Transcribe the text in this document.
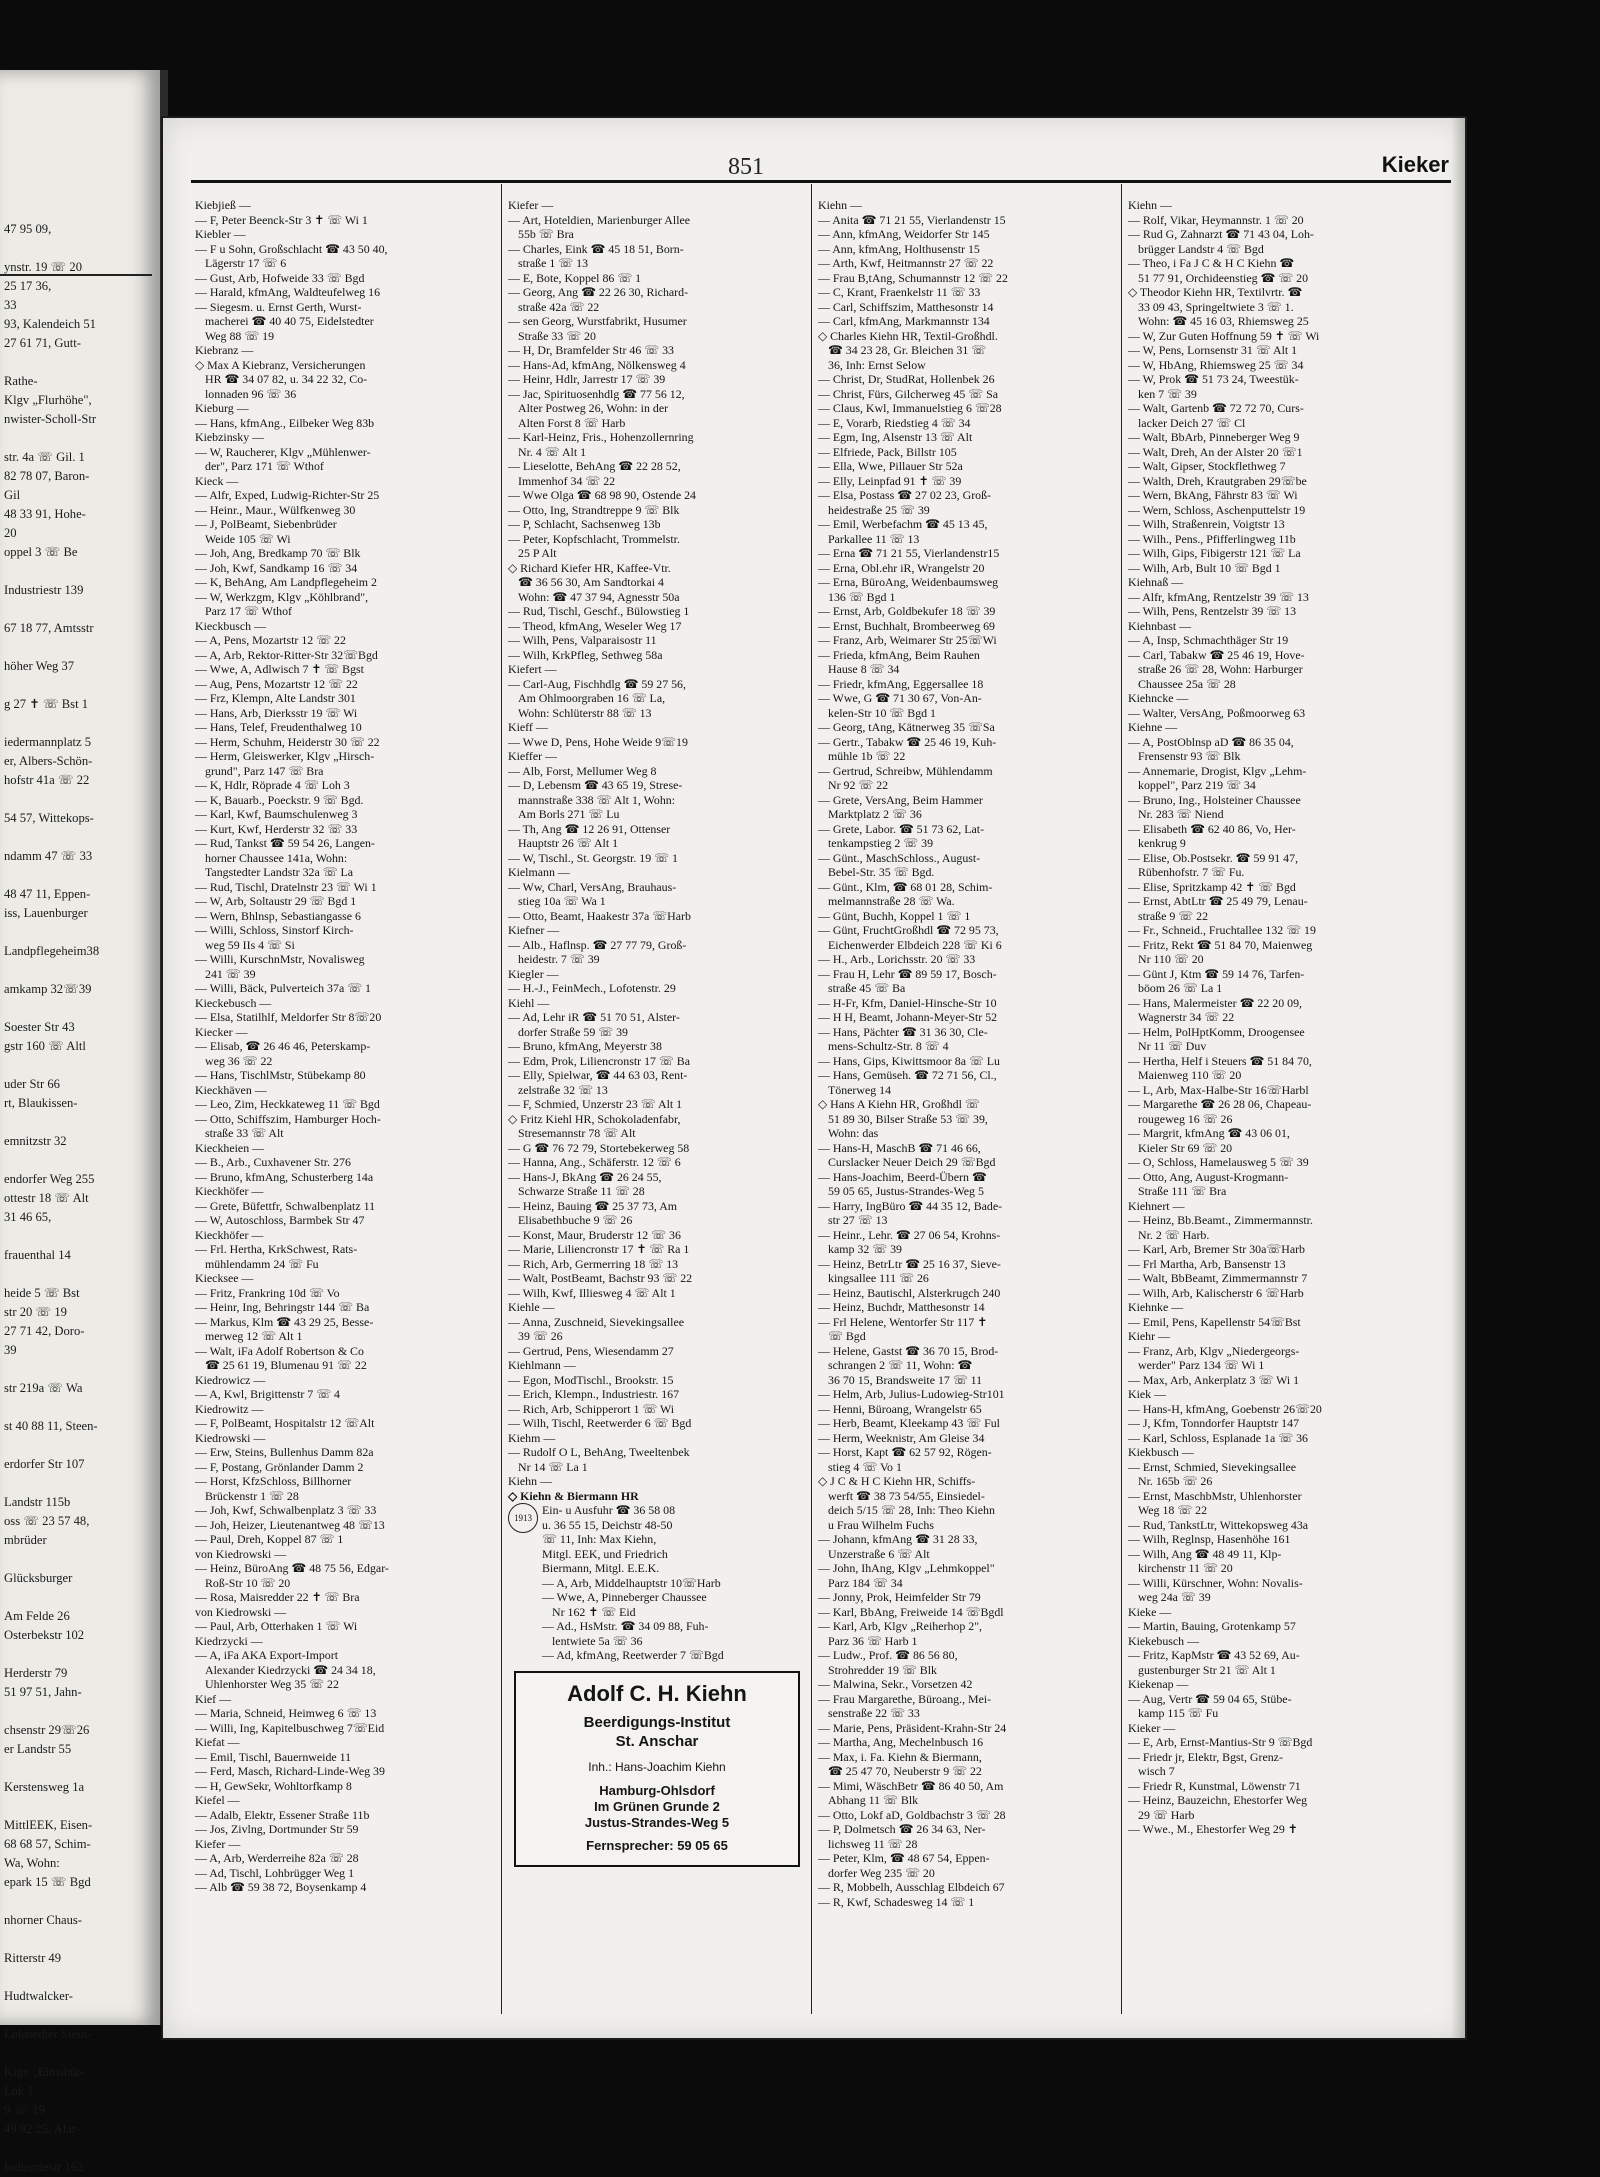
47 95 09,

ynstr. 19 ☏ 20
25 17 36,
33
93, Kalendeich 51
27 61 71, Gutt-

Rathe-
Klgv „Flurhöhe",
nwister-Scholl-Str

str. 4a ☏ Gil. 1
82 78 07, Baron-
Gil
48 33 91, Hohe-
20
oppel 3 ☏ Be

Industriestr 139

67 18 77, Amtsstr

höher Weg 37

g 27 ✝ ☏ Bst 1

iedermannplatz 5
er, Albers-Schön-
hofstr 41a ☏ 22

54 57, Wittekops-

ndamm 47 ☏ 33

48 47 11, Eppen-
iss, Lauenburger

Landpflegeheim38

amkamp 32☏39

Soester Str 43
gstr 160 ☏ Altl

uder Str 66
rt, Blaukissen-

emnitzstr 32

endorfer Weg 255
ottestr 18 ☏ Alt
31 46 65,

frauenthal 14

heide 5 ☏ Bst
str 20 ☏ 19
27 71 42, Doro-
39

str 219a ☏ Wa

st 40 88 11, Steen-

erdorfer Str 107

Landstr 115b
oss ☏ 23 57 48,
mbrüder

Glücksburger

Am Felde 26
Osterbekstr 102

Herderstr 79
51 97 51, Jahn-

chsenstr 29☏26
er Landstr 55

Kerstensweg 1a

MittlEEK, Eisen-
68 68 57, Schim-
Wa, Wohn:
epark 15 ☏ Bgd

nhorner Chaus-

Ritterstr 49

Hudtwalcker-

Lokstedter Stein-

Klgv „Eimsbüt-
Lok 1
9 ☏ 19
49 92 25, Alar-

Industriestr 162
851	Kieker
Kiebjieß —
— F, Peter Beenck-Str 3 ✝ ☏ Wi 1
Kiebler —
— F u Sohn, Großschlacht ☎ 43 50 40,
Lägerstr 17 ☏ 6
— Gust, Arb, Hofweide 33 ☏ Bgd
— Harald, kfmAng, Waldteufelweg 16
— Siegesm. u. Ernst Gerth, Wurst-
macherei ☎ 40 40 75, Eidelstedter
Weg 88 ☏ 19
Kiebranz —
◇ Max A Kiebranz, Versicherungen
HR ☎ 34 07 82, u. 34 22 32, Co-
lonnaden 96 ☏ 36
Kieburg —
— Hans, kfmAng., Eilbeker Weg 83b
Kiebzinsky —
— W, Raucherer, Klgv „Mühlenwer-
der", Parz 171 ☏ Wthof
Kieck —
— Alfr, Exped, Ludwig-Richter-Str 25
— Heinr., Maur., Wülfkenweg 30
— J, PolBeamt, Siebenbrüder
Weide 105 ☏ Wi
— Joh, Ang, Bredkamp 70 ☏ Blk
— Joh, Kwf, Sandkamp 16 ☏ 34
— K, BehAng, Am Landpflegeheim 2
— W, Werkzgm, Klgv „Köhlbrand",
Parz 17 ☏ Wthof
Kieckbusch —
— A, Pens, Mozartstr 12 ☏ 22
— A, Arb, Rektor-Ritter-Str 32☏Bgd
— Wwe, A, Adlwisch 7 ✝ ☏ Bgst
— Aug, Pens, Mozartstr 12 ☏ 22
— Frz, Klempn, Alte Landstr 301
— Hans, Arb, Dierksstr 19 ☏ Wi
— Hans, Telef, Freudenthalweg 10
— Herm, Schuhm, Heiderstr 30 ☏ 22
— Herm, Gleiswerker, Klgv „Hirsch-
grund", Parz 147 ☏ Bra
— K, Hdlr, Röprade 4 ☏ Loh 3
— K, Bauarb., Poeckstr. 9 ☏ Bgd.
— Karl, Kwf, Baumschulenweg 3
— Kurt, Kwf, Herderstr 32 ☏ 33
— Rud, Tankst ☎ 59 54 26, Langen-
horner Chaussee 141a, Wohn:
Tangstedter Landstr 32a ☏ La
— Rud, Tischl, Dratelnstr 23 ☏ Wi 1
— W, Arb, Soltaustr 29 ☏ Bgd 1
— Wern, Bhlnsp, Sebastiangasse 6
— Willi, Schloss, Sinstorf Kirch-
weg 59 IIs 4 ☏ Si
— Willi, KurschnMstr, Novalisweg
241 ☏ 39
— Willi, Bäck, Pulverteich 37a ☏ 1
Kieckebusch —
— Elsa, Statilhlf, Meldorfer Str 8☏20
Kiecker —
— Elisab, ☎ 26 46 46, Peterskamp-
weg 36 ☏ 22
— Hans, TischlMstr, Stübekamp 80
Kieckhäven —
— Leo, Zim, Heckkateweg 11 ☏ Bgd
— Otto, Schiffszim, Hamburger Hoch-
straße 33 ☏ Alt
Kieckheien —
— B., Arb., Cuxhavener Str. 276
— Bruno, kfmAng, Schusterberg 14a
Kieckhöfer —
— Grete, Büfettfr, Schwalbenplatz 11
— W, Autoschloss, Barmbek Str 47
Kieckhöfer —
— Frl. Hertha, KrkSchwest, Rats-
mühlendamm 24 ☏ Fu
Kiecksee —
— Fritz, Frankring 10d ☏ Vo
— Heinr, Ing, Behringstr 144 ☏ Ba
— Markus, Klm ☎ 43 29 25, Besse-
merweg 12 ☏ Alt 1
— Walt, iFa Adolf Robertson & Co
☎ 25 61 19, Blumenau 91 ☏ 22
Kiedrowicz —
— A, Kwl, Brigittenstr 7 ☏ 4
Kiedrowitz —
— F, PolBeamt, Hospitalstr 12 ☏Alt
Kiedrowski —
— Erw, Steins, Bullenhus Damm 82a
— F, Postang, Grönlander Damm 2
— Horst, KfzSchloss, Billhorner
Brückenstr 1 ☏ 28
— Joh, Kwf, Schwalbenplatz 3 ☏ 33
— Joh, Heizer, Lieutenantweg 48 ☏13
— Paul, Dreh, Koppel 87 ☏ 1
von Kiedrowski —
— Heinz, BüroAng ☎ 48 75 56, Edgar-
Roß-Str 10 ☏ 20
— Rosa, Maisredder 22 ✝ ☏ Bra
von Kiedrowski —
— Paul, Arb, Otterhaken 1 ☏ Wi
Kiedrzycki —
— A, iFa AKA Export-Import
Alexander Kiedrzycki ☎ 24 34 18,
Uhlenhorster Weg 35 ☏ 22
Kief —
— Maria, Schneid, Heimweg 6 ☏ 13
— Willi, Ing, Kapitelbuschweg 7☏Eid
Kiefat —
— Emil, Tischl, Bauernweide 11
— Ferd, Masch, Richard-Linde-Weg 39
— H, GewSekr, Wohltorfkamp 8
Kiefel —
— Adalb, Elektr, Essener Straße 11b
— Jos, Zivlng, Dortmunder Str 59
Kiefer —
— A, Arb, Werderreihe 82a ☏ 28
— Ad, Tischl, Lohbrügger Weg 1
— Alb ☎ 59 38 72, Boysenkamp 4
Kiefer —
— Art, Hoteldien, Marienburger Allee
55b ☏ Bra
— Charles, Eink ☎ 45 18 51, Born-
straße 1 ☏ 13
— E, Bote, Koppel 86 ☏ 1
— Georg, Ang ☎ 22 26 30, Richard-
straße 42a ☏ 22
— sen Georg, Wurstfabrikt, Husumer
Straße 33 ☏ 20
— H, Dr, Bramfelder Str 46 ☏ 33
— Hans-Ad, kfmAng, Nölkensweg 4
— Heinr, Hdlr, Jarrestr 17 ☏ 39
— Jac, Spirituosenhdlg ☎ 77 56 12,
Alter Postweg 26, Wohn: in der
Alten Forst 8 ☏ Harb
— Karl-Heinz, Fris., Hohenzollernring
Nr. 4 ☏ Alt 1
— Lieselotte, BehAng ☎ 22 28 52,
Immenhof 34 ☏ 22
— Wwe Olga ☎ 68 98 90, Ostende 24
— Otto, Ing, Strandtreppe 9 ☏ Blk
— P, Schlacht, Sachsenweg 13b
— Peter, Kopfschlacht, Trommelstr.
25 P Alt
◇ Richard Kiefer HR, Kaffee-Vtr.
☎ 36 56 30, Am Sandtorkai 4
Wohn: ☎ 47 37 94, Agnesstr 50a
— Rud, Tischl, Geschf., Bülowstieg 1
— Theod, kfmAng, Weseler Weg 17
— Wilh, Pens, Valparaisostr 11
— Wilh, KrkPfleg, Sethweg 58a
Kiefert —
— Carl-Aug, Fischhdlg ☎ 59 27 56,
Am Ohlmoorgraben 16 ☏ La,
Wohn: Schlüterstr 88 ☏ 13
Kieff —
— Wwe D, Pens, Hohe Weide 9☏19
Kieffer —
— Alb, Forst, Mellumer Weg 8
— D, Lebensm ☎ 43 65 19, Strese-
mannstraße 338 ☏ Alt 1, Wohn:
Am Borls 271 ☏ Lu
— Th, Ang ☎ 12 26 91, Ottenser
Hauptstr 26 ☏ Alt 1
— W, Tischl., St. Georgstr. 19 ☏ 1
Kielmann —
— Ww, Charl, VersAng, Brauhaus-
stieg 10a ☏ Wa 1
— Otto, Beamt, Haakestr 37a ☏Harb
Kiefner —
— Alb., Haflnsp. ☎ 27 77 79, Groß-
heidestr. 7 ☏ 39
Kiegler —
— H.-J., FeinMech., Lofotenstr. 29
Kiehl —
— Ad, Lehr iR ☎ 51 70 51, Alster-
dorfer Straße 59 ☏ 39
— Bruno, kfmAng, Meyerstr 38
— Edm, Prok, Liliencronstr 17 ☏ Ba
— Elly, Spielwar, ☎ 44 63 03, Rent-
zelstraße 32 ☏ 13
— F, Schmied, Unzerstr 23 ☏ Alt 1
◇ Fritz Kiehl HR, Schokoladenfabr,
Stresemannstr 78 ☏ Alt
— G ☎ 76 72 79, Stortebekerweg 58
— Hanna, Ang., Schäferstr. 12 ☏ 6
— Hans-J, BkAng ☎ 26 24 55,
Schwarze Straße 11 ☏ 28
— Heinz, Bauing ☎ 25 37 73, Am
Elisabethbuche 9 ☏ 26
— Konst, Maur, Bruderstr 12 ☏ 36
— Marie, Liliencronstr 17 ✝ ☏ Ra 1
— Rich, Arb, Germerring 18 ☏ 13
— Walt, PostBeamt, Bachstr 93 ☏ 22
— Wilh, Kwf, Illiesweg 4 ☏ Alt 1
Kiehle —
— Anna, Zuschneid, Sievekingsallee
39 ☏ 26
— Gertrud, Pens, Wiesendamm 27
Kiehlmann —
— Egon, ModTischl., Brookstr. 15
— Erich, Klempn., Industriestr. 167
— Rich, Arb, Schipperort 1 ☏ Wi
— Wilh, Tischl, Reetwerder 6 ☏ Bgd
Kiehm —
— Rudolf O L, BehAng, Tweeltenbek
Nr 14 ☏ La 1
Kiehn —
◇ Kiehn & Biermann HR
1913
Ein- u Ausfuhr ☎ 36 58 08
u. 36 55 15, Deichstr 48-50
☏ 11, Inh: Max Kiehn,
Mitgl. EEK, und Friedrich
Biermann, Mitgl. E.E.K.
— A, Arb, Middelhauptstr 10☏Harb
— Wwe, A, Pinneberger Chaussee
Nr 162 ✝ ☏ Eid
— Ad., HsMstr. ☎ 34 09 88, Fuh-
lentwiete 5a ☏ 36
— Ad, kfmAng, Reetwerder 7 ☏Bgd
Adolf C. H. Kiehn
Beerdigungs-Institut
St. Anschar
Inh.: Hans-Joachim Kiehn
Hamburg-Ohlsdorf
Im Grünen Grunde 2
Justus-Strandes-Weg 5
Fernsprecher: 59 05 65
Kiehn —
— Anita ☎ 71 21 55, Vierlandenstr 15
— Ann, kfmAng, Weidorfer Str 145
— Ann, kfmAng, Holthusenstr 15
— Arth, Kwf, Heitmannstr 27 ☏ 22
— Frau B,tAng, Schumannstr 12 ☏ 22
— C, Krant, Fraenkelstr 11 ☏ 33
— Carl, Schiffszim, Matthesonstr 14
— Carl, kfmAng, Markmannstr 134
◇ Charles Kiehn HR, Textil-Großhdl.
☎ 34 23 28, Gr. Bleichen 31 ☏
36, Inh: Ernst Selow
— Christ, Dr, StudRat, Hollenbek 26
— Christ, Fürs, Gilcherweg 45 ☏ Sa
— Claus, Kwl, Immanuelstieg 6 ☏28
— E, Vorarb, Riedstieg 4 ☏ 34
— Egm, Ing, Alsenstr 13 ☏ Alt
— Elfriede, Pack, Billstr 105
— Ella, Wwe, Pillauer Str 52a
— Elly, Leinpfad 91 ✝ ☏ 39
— Elsa, Postass ☎ 27 02 23, Groß-
heidestraße 25 ☏ 39
— Emil, Werbefachm ☎ 45 13 45,
Parkallee 11 ☏ 13
— Erna ☎ 71 21 55, Vierlandenstr15
— Erna, Obl.ehr iR, Wrangelstr 20
— Erna, BüroAng, Weidenbaumsweg
136 ☏ Bgd 1
— Ernst, Arb, Goldbekufer 18 ☏ 39
— Ernst, Buchhalt, Brombeerweg 69
— Franz, Arb, Weimarer Str 25☏Wi
— Frieda, kfmAng, Beim Rauhen
Hause 8 ☏ 34
— Friedr, kfmAng, Eggersallee 18
— Wwe, G ☎ 71 30 67, Von-An-
kelen-Str 10 ☏ Bgd 1
— Georg, tAng, Kätnerweg 35 ☏Sa
— Gertr., Tabakw ☎ 25 46 19, Kuh-
mühle 1b ☏ 22
— Gertrud, Schreibw, Mühlendamm
Nr 92 ☏ 22
— Grete, VersAng, Beim Hammer
Marktplatz 2 ☏ 36
— Grete, Labor. ☎ 51 73 62, Lat-
tenkampstieg 2 ☏ 39
— Günt., MaschSchloss., August-
Bebel-Str. 35 ☏ Bgd.
— Günt., Klm, ☎ 68 01 28, Schim-
melmannstraße 28 ☏ Wa.
— Günt, Buchh, Koppel 1 ☏ 1
— Günt, FruchtGroßhdl ☎ 72 95 73,
Eichenwerder Elbdeich 228 ☏ Ki 6
— H., Arb., Lorichsstr. 20 ☏ 33
— Frau H, Lehr ☎ 89 59 17, Bosch-
straße 45 ☏ Ba
— H-Fr, Kfm, Daniel-Hinsche-Str 10
— H H, Beamt, Johann-Meyer-Str 52
— Hans, Pächter ☎ 31 36 30, Cle-
mens-Schultz-Str. 8 ☏ 4
— Hans, Gips, Kiwittsmoor 8a ☏ Lu
— Hans, Gemüseh. ☎ 72 71 56, Cl.,
Tönerweg 14
◇ Hans A Kiehn HR, Großhdl ☏
51 89 30, Bilser Straße 53 ☏ 39,
Wohn: das
— Hans-H, MaschB ☎ 71 46 66,
Curslacker Neuer Deich 29 ☏Bgd
— Hans-Joachim, Beerd-Übern ☎
59 05 65, Justus-Strandes-Weg 5
— Harry, IngBüro ☎ 44 35 12, Bade-
str 27 ☏ 13
— Heinr., Lehr. ☎ 27 06 54, Krohns-
kamp 32 ☏ 39
— Heinz, BetrLtr ☎ 25 16 37, Sieve-
kingsallee 111 ☏ 26
— Heinz, Bautischl, Alsterkrugch 240
— Heinz, Buchdr, Matthesonstr 14
— Frl Helene, Wentorfer Str 117 ✝
☏ Bgd
— Helene, Gastst ☎ 36 70 15, Brod-
schrangen 2 ☏ 11, Wohn: ☎
36 70 15, Brandsweite 17 ☏ 11
— Helm, Arb, Julius-Ludowieg-Str101
— Henni, Büroang, Wrangelstr 65
— Herb, Beamt, Kleekamp 43 ☏ Ful
— Herm, Weeknistr, Am Gleise 34
— Horst, Kapt ☎ 62 57 92, Rögen-
stieg 4 ☏ Vo 1
◇ J C & H C Kiehn HR, Schiffs-
werft ☎ 38 73 54/55, Einsiedel-
deich 5/15 ☏ 28, Inh: Theo Kiehn
u Frau Wilhelm Fuchs
— Johann, kfmAng ☎ 31 28 33,
Unzerstraße 6 ☏ Alt
— John, IhAng, Klgv „Lehmkoppel"
Parz 184 ☏ 34
— Jonny, Prok, Heimfelder Str 79
— Karl, BbAng, Freiweide 14 ☏Bgdl
— Karl, Arb, Klgv „Reiherhop 2",
Parz 36 ☏ Harb 1
— Ludw., Prof. ☎ 86 56 80,
Strohredder 19 ☏ Blk
— Malwina, Sekr., Vorsetzen 42
— Frau Margarethe, Büroang., Mei-
senstraße 22 ☏ 33
— Marie, Pens, Präsident-Krahn-Str 24
— Martha, Ang, Mechelnbusch 16
— Max, i. Fa. Kiehn & Biermann,
☎ 25 47 70, Neuberstr 9 ☏ 22
— Mimi, WäschBetr ☎ 86 40 50, Am
Abhang 11 ☏ Blk
— Otto, Lokf aD, Goldbachstr 3 ☏ 28
— P, Dolmetsch ☎ 26 34 63, Ner-
lichsweg 11 ☏ 28
— Peter, Klm, ☎ 48 67 54, Eppen-
dorfer Weg 235 ☏ 20
— R, Mobbelh, Ausschlag Elbdeich 67
— R, Kwf, Schadesweg 14 ☏ 1
Kiehn —
— Rolf, Vikar, Heymannstr. 1 ☏ 20
— Rud G, Zahnarzt ☎ 71 43 04, Loh-
brügger Landstr 4 ☏ Bgd
— Theo, i Fa J C & H C Kiehn ☎
51 77 91, Orchideenstieg ☎ ☏ 20
◇ Theodor Kiehn HR, Textilvrtr. ☎
33 09 43, Springeltwiete 3 ☏ 1.
Wohn: ☎ 45 16 03, Rhiemsweg 25
— W, Zur Guten Hoffnung 59 ✝ ☏ Wi
— W, Pens, Lornsenstr 31 ☏ Alt 1
— W, HbAng, Rhiemsweg 25 ☏ 34
— W, Prok ☎ 51 73 24, Tweestük-
ken 7 ☏ 39
— Walt, Gartenb ☎ 72 72 70, Curs-
lacker Deich 27 ☏ Cl
— Walt, BbArb, Pinneberger Weg 9
— Walt, Dreh, An der Alster 20 ☏1
— Walt, Gipser, Stockflethweg 7
— Walth, Dreh, Krautgraben 29☏be
— Wern, BkAng, Fährstr 83 ☏ Wi
— Wern, Schloss, Aschenputtelstr 19
— Wilh, Straßenrein, Voigtstr 13
— Wilh., Pens., Pfifferlingweg 11b
— Wilh, Gips, Fibigerstr 121 ☏ La
— Wilh, Arb, Bult 10 ☏ Bgd 1
Kiehnaß —
— Alfr, kfmAng, Rentzelstr 39 ☏ 13
— Wilh, Pens, Rentzelstr 39 ☏ 13
Kiehnbast —
— A, Insp, Schmachthäger Str 19
— Carl, Tabakw ☎ 25 46 19, Hove-
straße 26 ☏ 28, Wohn: Harburger
Chaussee 25a ☏ 28
Kiehncke —
— Walter, VersAng, Poßmoorweg 63
Kiehne —
— A, PostOblnsp aD ☎ 86 35 04,
Frensenstr 93 ☏ Blk
— Annemarie, Drogist, Klgv „Lehm-
koppel", Parz 219 ☏ 34
— Bruno, Ing., Holsteiner Chaussee
Nr. 283 ☏ Niend
— Elisabeth ☎ 62 40 86, Vo, Her-
kenkrug 9
— Elise, Ob.Postsekr. ☎ 59 91 47,
Rübenhofstr. 7 ☏ Fu.
— Elise, Spritzkamp 42 ✝ ☏ Bgd
— Ernst, AbtLtr ☎ 25 49 79, Lenau-
straße 9 ☏ 22
— Fr., Schneid., Fruchtallee 132 ☏ 19
— Fritz, Rekt ☎ 51 84 70, Maienweg
Nr 110 ☏ 20
— Günt J, Ktm ☎ 59 14 76, Tarfen-
böom 26 ☏ La 1
— Hans, Malermeister ☎ 22 20 09,
Wagnerstr 34 ☏ 22
— Helm, PolHptKomm, Droogensee
Nr 11 ☏ Duv
— Hertha, Helf i Steuers ☎ 51 84 70,
Maienweg 110 ☏ 20
— L, Arb, Max-Halbe-Str 16☏Harbl
— Margarethe ☎ 26 28 06, Chapeau-
rougeweg 16 ☏ 26
— Margrit, kfmAng ☎ 43 06 01,
Kieler Str 69 ☏ 20
— O, Schloss, Hamelausweg 5 ☏ 39
— Otto, Ang, August-Krogmann-
Straße 111 ☏ Bra
Kiehnert —
— Heinz, Bb.Beamt., Zimmermannstr.
Nr. 2 ☏ Harb.
— Karl, Arb, Bremer Str 30a☏Harb
— Frl Martha, Arb, Bansenstr 13
— Walt, BbBeamt, Zimmermannstr 7
— Wilh, Arb, Kalischerstr 6 ☏Harb
Kiehnke —
— Emil, Pens, Kapellenstr 54☏Bst
Kiehr —
— Franz, Arb, Klgv „Niedergeorgs-
werder" Parz 134 ☏ Wi 1
— Max, Arb, Ankerplatz 3 ☏ Wi 1
Kiek —
— Hans-H, kfmAng, Goebenstr 26☏20
— J, Kfm, Tonndorfer Hauptstr 147
— Karl, Schloss, Esplanade 1a ☏ 36
Kiekbusch —
— Ernst, Schmied, Sievekingsallee
Nr. 165b ☏ 26
— Ernst, MaschbMstr, Uhlenhorster
Weg 18 ☏ 22
— Rud, TankstLtr, Wittekopsweg 43a
— Wilh, Reglnsp, Hasenhöhe 161
— Wilh, Ang ☎ 48 49 11, Klp-
kirchenstr 11 ☏ 20
— Willi, Kürschner, Wohn: Novalis-
weg 24a ☏ 39
Kieke —
— Martin, Bauing, Grotenkamp 57
Kiekebusch —
— Fritz, KapMstr ☎ 43 52 69, Au-
gustenburger Str 21 ☏ Alt 1
Kiekenap —
— Aug, Vertr ☎ 59 04 65, Stübe-
kamp 115 ☏ Fu
Kieker —
— E, Arb, Ernst-Mantius-Str 9 ☏Bgd
— Friedr jr, Elektr, Bgst, Grenz-
wisch 7
— Friedr R, Kunstmal, Löwenstr 71
— Heinz, Bauzeichn, Ehestorfer Weg
29 ☏ Harb
— Wwe., M., Ehestorfer Weg 29 ✝
